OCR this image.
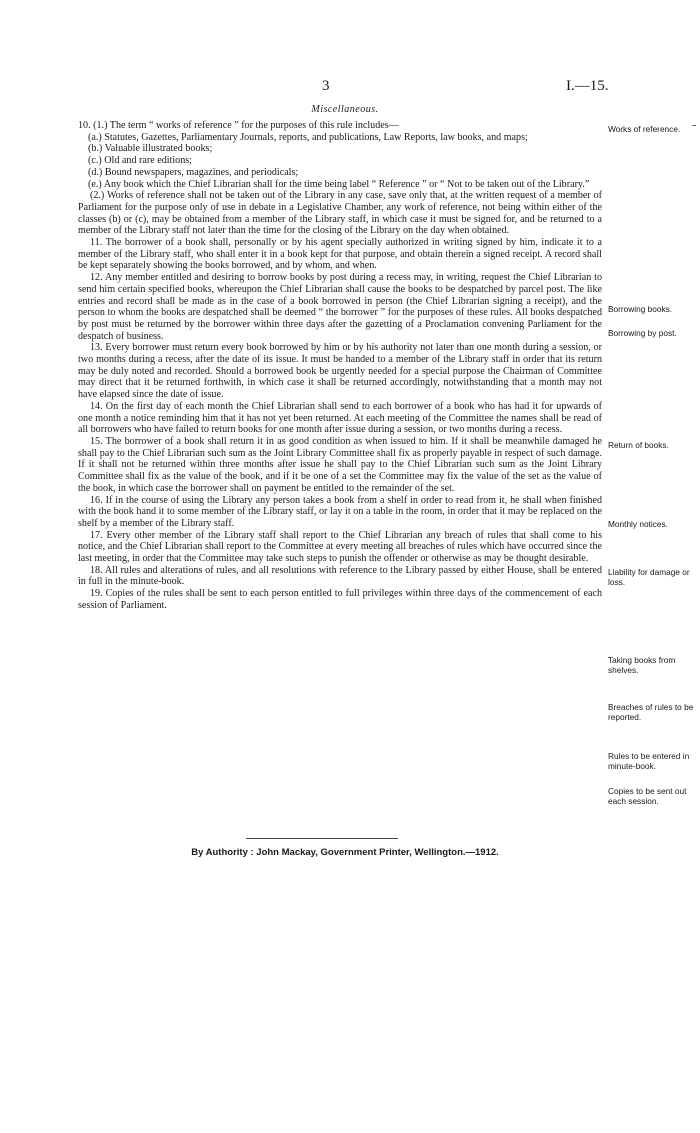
3	I.—15.
Miscellaneous.

10. (1.) The term “ works of reference ” for the purposes of this rule includes—

(a.) Statutes, Gazettes, Parliamentary Journals, reports, and publications, Law Reports, law books, and maps;

(b.) Valuable illustrated books;

(c.) Old and rare editions;

(d.) Bound newspapers, magazines, and periodicals;

(e.) Any book which the Chief Librarian shall for the time being label “ Reference ” or “ Not to be taken out of the Library.”

(2.) Works of reference shall not be taken out of the Library in any case, save only that, at the written request of a member of Parliament for the purpose only of use in debate in a Legislative Chamber, any work of reference, not being within either of the classes (b) or (c), may be obtained from a member of the Library staff, in which case it must be signed for, and be returned to a member of the Library staff not later than the time for the closing of the Library on the day when obtained.

11. The borrower of a book shall, personally or by his agent specially authorized in writing signed by him, indicate it to a member of the Library staff, who shall enter it in a book kept for that purpose, and obtain therein a signed receipt. A record shall be kept separately showing the books borrowed, and by whom, and when.

12. Any member entitled and desiring to borrow books by post during a recess may, in writing, request the Chief Librarian to send him certain specified books, whereupon the Chief Librarian shall cause the books to be despatched by parcel post. The like entries and record shall be made as in the case of a book borrowed in person (the Chief Librarian signing a receipt), and the person to whom the books are despatched shall be deemed “ the borrower ” for the purposes of these rules. All books despatched by post must be returned by the borrower within three days after the gazetting of a Proclamation convening Parliament for the despatch of business.

13. Every borrower must return every book borrowed by him or by his authority not later than one month during a session, or two months during a recess, after the date of its issue. It must be handed to a member of the Library staff in order that its return may be duly noted and recorded. Should a borrowed book be urgently needed for a special purpose the Chairman of Committee may direct that it be returned forthwith, in which case it shall be returned accordingly, notwithstanding that a month may not have elapsed since the date of issue.

14. On the first day of each month the Chief Librarian shall send to each borrower of a book who has had it for upwards of one month a notice reminding him that it has not yet been returned. At each meeting of the Committee the names shall be read of all borrowers who have failed to return books for one month after issue during a session, or two months during a recess.

15. The borrower of a book shall return it in as good condition as when issued to him. If it shall be meanwhile damaged he shall pay to the Chief Librarian such sum as the Joint Library Committee shall fix as properly payable in respect of such damage. If it shall not be returned within three months after issue he shall pay to the Chief Librarian such sum as the Joint Library Committee shall fix as the value of the book, and if it be one of a set the Committee may fix the value of the set as the value of the book, in which case the borrower shall on payment be entitled to the remainder of the set.

16. If in the course of using the Library any person takes a book from a shelf in order to read from it, he shall when finished with the book hand it to some member of the Library staff, or lay it on a table in the room, in order that it may be replaced on the shelf by a member of the Library staff.

17. Every other member of the Library staff shall report to the Chief Librarian any breach of rules that shall come to his notice, and the Chief Librarian shall report to the Committee at every meeting all breaches of rules which have occurred since the last meeting, in order that the Committee may take such steps to punish the offender or otherwise as may be thought desirable.

18. All rules and alterations of rules, and all resolutions with reference to the Library passed by either House, shall be entered in full in the minute-book.

19. Copies of the rules shall be sent to each person entitled to full privileges within three days of the commencement of each session of Parliament.

Works of reference.
Borrowing books.
Borrowing by post.
Return of books.
Monthly notices.
Liability for damage or loss.
Taking books from shelves.
Breaches of rules to be reported.
Rules to be entered in minute-book.
Copies to be sent out each session.
By Authority : John Mackay, Government Printer, Wellington.—1912.
